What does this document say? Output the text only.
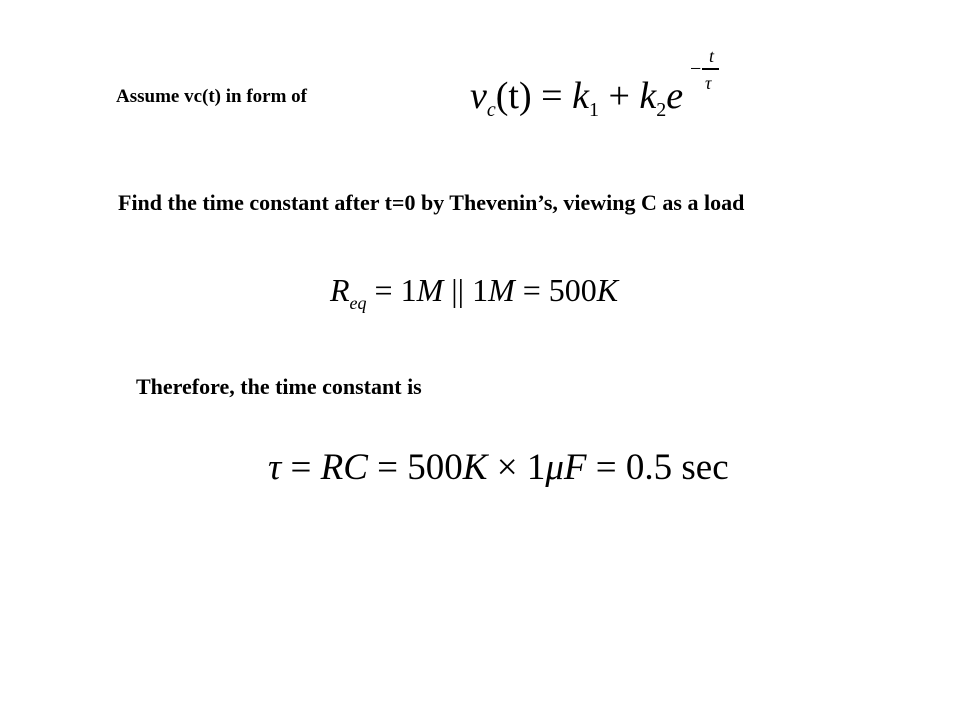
Assume vc(t) in form of	$v_c(t) = k_1 + k_2e$
−
t
τ
Find the time constant after t=0 by Thevenin’s, viewing C as a load
$R_{eq} = 1M$ || 1M = 500K
Therefore, the time constant is
τ = RC = 500K × 1μF = 0.5 sec
